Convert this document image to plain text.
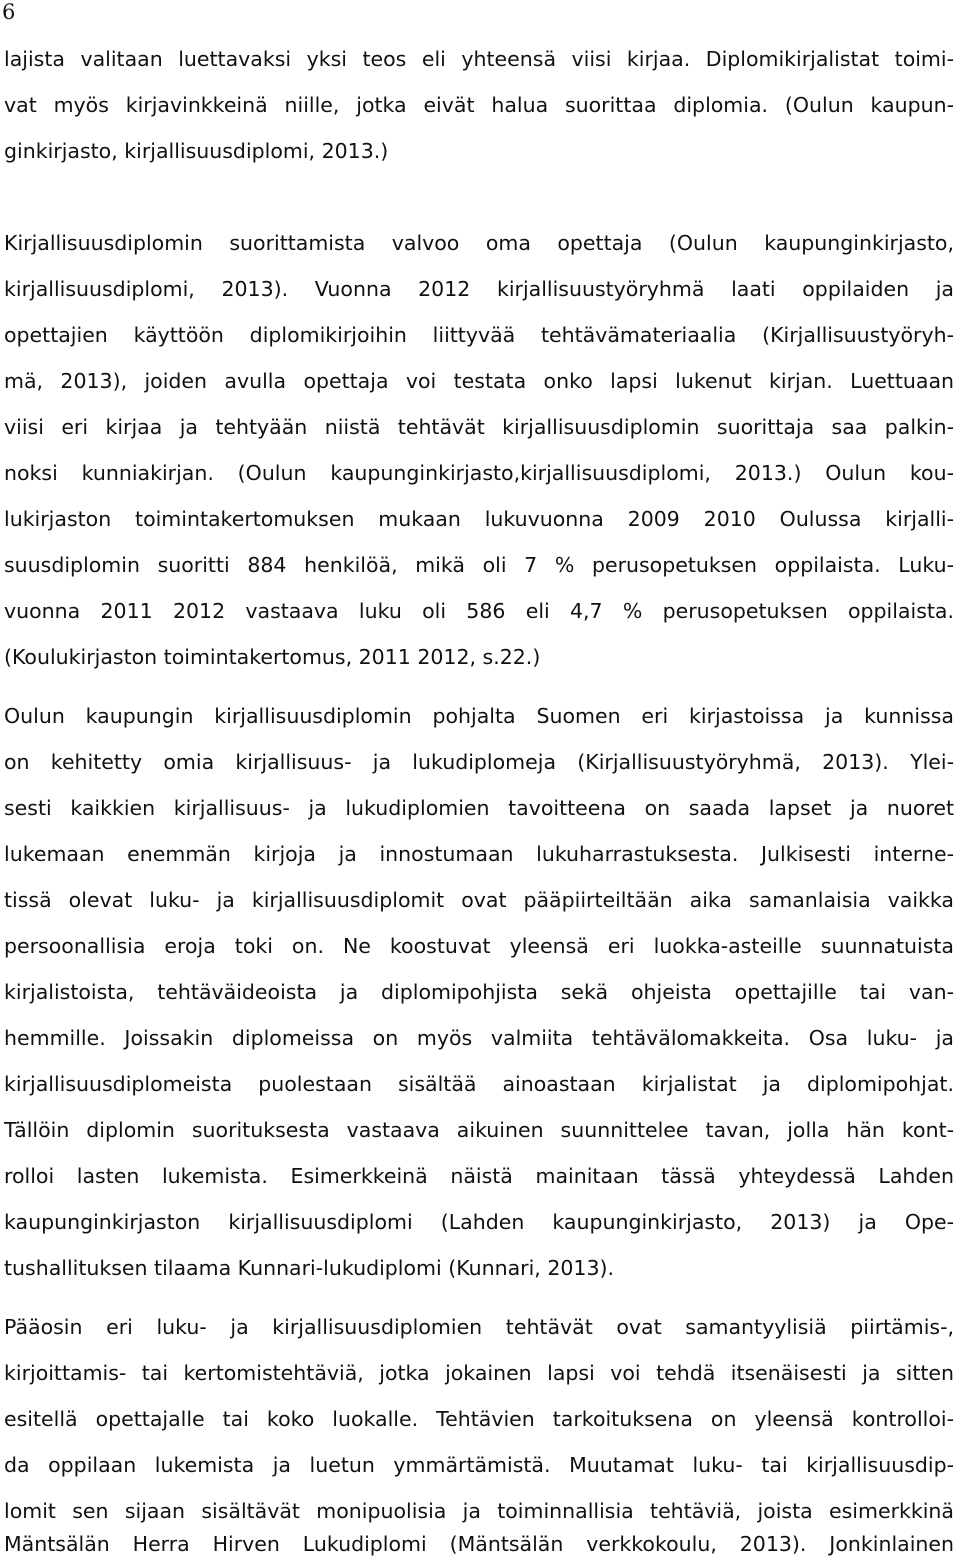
6
lajista valitaan luettavaksi yksi teos eli yhteensä viisi kirjaa. Diplomikirjalistat toimi-
vat myös kirjavinkkeinä niille, jotka eivät halua suorittaa diplomia. (Oulun kaupun-
ginkirjasto, kirjallisuusdiplomi, 2013.)
Kirjallisuusdiplomin suorittamista valvoo oma opettaja (Oulun kaupunginkirjasto,
kirjallisuusdiplomi, 2013). Vuonna 2012 kirjallisuustyöryhmä laati oppilaiden ja
opettajien käyttöön diplomikirjoihin liittyvää tehtävämateriaalia (Kirjallisuustyöryh-
mä, 2013), joiden avulla opettaja voi testata onko lapsi lukenut kirjan. Luettuaan
viisi eri kirjaa ja tehtyään niistä tehtävät kirjallisuusdiplomin suorittaja saa palkin-
noksi kunniakirjan. (Oulun kaupunginkirjasto,kirjallisuusdiplomi, 2013.) Oulun kou-
lukirjaston toimintakertomuksen mukaan lukuvuonna 2009 2010 Oulussa kirjalli-
suusdiplomin suoritti 884 henkilöä, mikä oli 7 % perusopetuksen oppilaista. Luku-
vuonna 2011 2012 vastaava luku oli 586 eli 4,7 % perusopetuksen oppilaista.
(Koulukirjaston toimintakertomus, 2011 2012, s.22.)
Oulun kaupungin kirjallisuusdiplomin pohjalta Suomen eri kirjastoissa ja kunnissa
on kehitetty omia kirjallisuus- ja lukudiplomeja (Kirjallisuustyöryhmä, 2013). Ylei-
sesti kaikkien kirjallisuus- ja lukudiplomien tavoitteena on saada lapset ja nuoret
lukemaan enemmän kirjoja ja innostumaan lukuharrastuksesta. Julkisesti interne-
tissä olevat luku- ja kirjallisuusdiplomit ovat pääpiirteiltään aika samanlaisia vaikka
persoonallisia eroja toki on. Ne koostuvat yleensä eri luokka-asteille suunnatuista
kirjalistoista, tehtäväideoista ja diplomipohjista sekä ohjeista opettajille tai van-
hemmille. Joissakin diplomeissa on myös valmiita tehtävälomakkeita. Osa luku- ja
kirjallisuusdiplomeista puolestaan sisältää ainoastaan kirjalistat ja diplomipohjat.
Tällöin diplomin suorituksesta vastaava aikuinen suunnittelee tavan, jolla hän kont-
rolloi lasten lukemista. Esimerkkeinä näistä mainitaan tässä yhteydessä Lahden
kaupunginkirjaston kirjallisuusdiplomi (Lahden kaupunginkirjasto, 2013) ja Ope-
tushallituksen tilaama Kunnari-lukudiplomi (Kunnari, 2013).
Pääosin eri luku- ja kirjallisuusdiplomien tehtävät ovat samantyylisiä piirtämis-,
kirjoittamis- tai kertomistehtäviä, jotka jokainen lapsi voi tehdä itsenäisesti ja sitten
esitellä opettajalle tai koko luokalle. Tehtävien tarkoituksena on yleensä kontrolloi-
da oppilaan lukemista ja luetun ymmärtämistä. Muutamat luku- tai kirjallisuusdip-
lomit sen sijaan sisältävät monipuolisia ja toiminnallisia tehtäviä, joista esimerkkinä
Mäntsälän Herra Hirven Lukudiplomi (Mäntsälän verkkokoulu, 2013). Jonkinlainen
